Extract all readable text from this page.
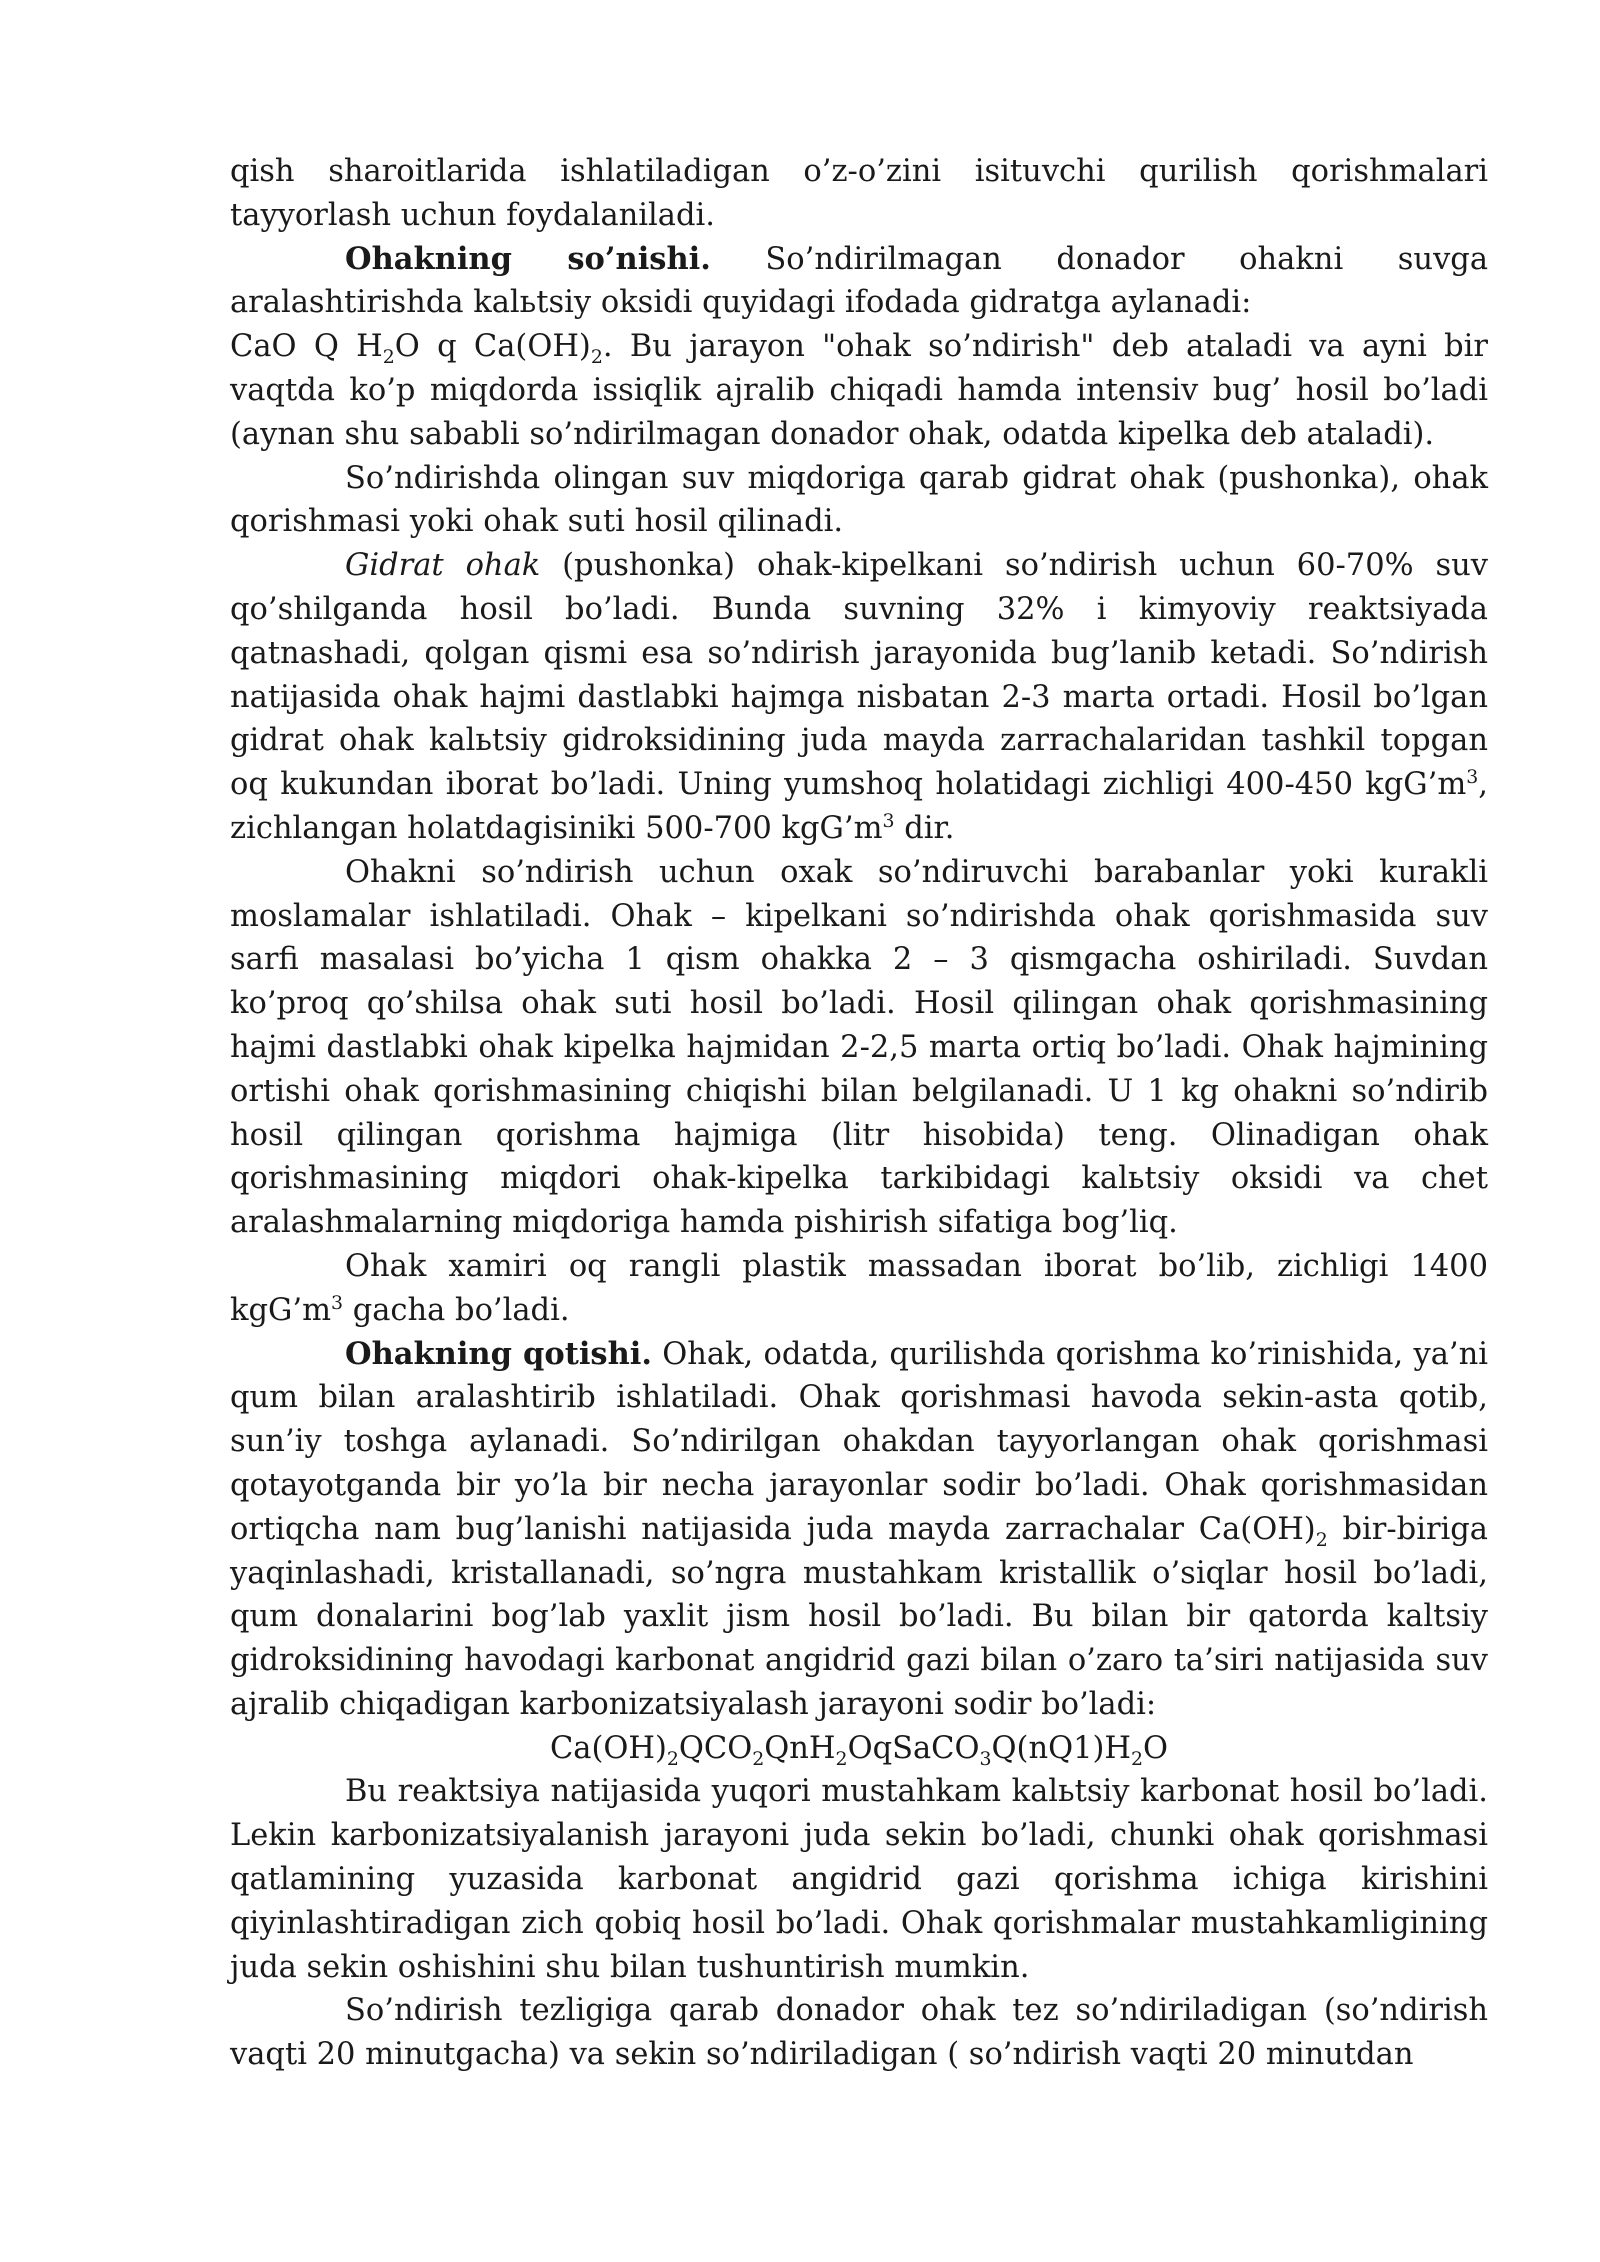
qish sharoitlarida ishlatiladigan o’z-o’zini isituvchi qurilish qorishmalari tayyorlash uchun foydalaniladi.

Ohakning so’nishi. So’ndirilmagan donador ohakni suvga aralashtirishda kalьtsiy oksidi quyidagi ifodada gidratga aylanadi:

CaO Q $H_2O$ q $Ca(OH)_2$. Bu jarayon "ohak so’ndirish" deb ataladi va ayni bir vaqtda ko’p miqdorda issiqlik ajralib chiqadi hamda intensiv bug’ hosil bo’ladi (aynan shu sababli so’ndirilmagan donador ohak, odatda kipelka deb ataladi).

So’ndirishda olingan suv miqdoriga qarab gidrat ohak (pushonka), ohak qorishmasi yoki ohak suti hosil qilinadi.

Gidrat ohak (pushonka) ohak-kipelkani so’ndirish uchun 60-70% suv qo’shilganda hosil bo’ladi. Bunda suvning 32% i kimyoviy reaktsiyada qatnashadi, qolgan qismi esa so’ndirish jarayonida bug’lanib ketadi. So’ndirish natijasida ohak hajmi dastlabki hajmga nisbatan 2-3 marta ortadi. Hosil bo’lgan gidrat ohak kalьtsiy gidroksidining juda mayda zarrachalaridan tashkil topgan oq kukundan iborat bo’ladi. Uning yumshoq holatidagi zichligi 400-450 $kgG’m^3$, zichlangan holatdagisiniki 500-700 $kgG’m^3$ dir.

Ohakni so’ndirish uchun oxak so’ndiruvchi barabanlar yoki kurakli moslamalar ishlatiladi. Ohak – kipelkani so’ndirishda ohak qorishmasida suv sarfi masalasi bo’yicha 1 qism ohakka 2 – 3 qismgacha oshiriladi. Suvdan ko’proq qo’shilsa ohak suti hosil bo’ladi. Hosil qilingan ohak qorishmasining hajmi dastlabki ohak kipelka hajmidan 2-2,5 marta ortiq bo’ladi. Ohak hajmining ortishi ohak qorishmasining chiqishi bilan belgilanadi. U 1 kg ohakni so’ndirib hosil qilingan qorishma hajmiga (litr hisobida) teng. Olinadigan ohak qorishmasining miqdori ohak-kipelka tarkibidagi kalьtsiy oksidi va chet aralashmalarning miqdoriga hamda pishirish sifatiga bog’liq.

Ohak xamiri oq rangli plastik massadan iborat bo’lib, zichligi 1400 $kgG’m^3$ gacha bo’ladi.

Ohakning qotishi. Ohak, odatda, qurilishda qorishma ko’rinishida, ya’ni qum bilan aralashtirib ishlatiladi. Ohak qorishmasi havoda sekin-asta qotib, sun’iy toshga aylanadi. So’ndirilgan ohakdan tayyorlangan ohak qorishmasi qotayotganda bir yo’la bir necha jarayonlar sodir bo’ladi. Ohak qorishmasidan ortiqcha nam bug’lanishi natijasida juda mayda zarrachalar $Ca(OH)_2$ bir-biriga yaqinlashadi, kristallanadi, so’ngra mustahkam kristallik o’siqlar hosil bo’ladi, qum donalarini bog’lab yaxlit jism hosil bo’ladi. Bu bilan bir qatorda kaltsiy gidroksidining havodagi karbonat angidrid gazi bilan o’zaro ta’siri natijasida suv ajralib chiqadigan karbonizatsiyalash jarayoni sodir bo’ladi:

$Ca(OH)_2QCO_2QnH_2OqSaCO_3Q(nQ1)H_2O$

Bu reaktsiya natijasida yuqori mustahkam kalьtsiy karbonat hosil bo’ladi. Lekin karbonizatsiyalanish jarayoni juda sekin bo’ladi, chunki ohak qorishmasi qatlamining yuzasida karbonat angidrid gazi qorishma ichiga kirishini qiyinlashtiradigan zich qobiq hosil bo’ladi. Ohak qorishmalar mustahkamligining juda sekin oshishini shu bilan tushuntirish mumkin.

So’ndirish tezligiga qarab donador ohak tez so’ndiriladigan (so’ndirish vaqti 20 minutgacha) va sekin so’ndiriladigan ( so’ndirish vaqti 20 minutdan
